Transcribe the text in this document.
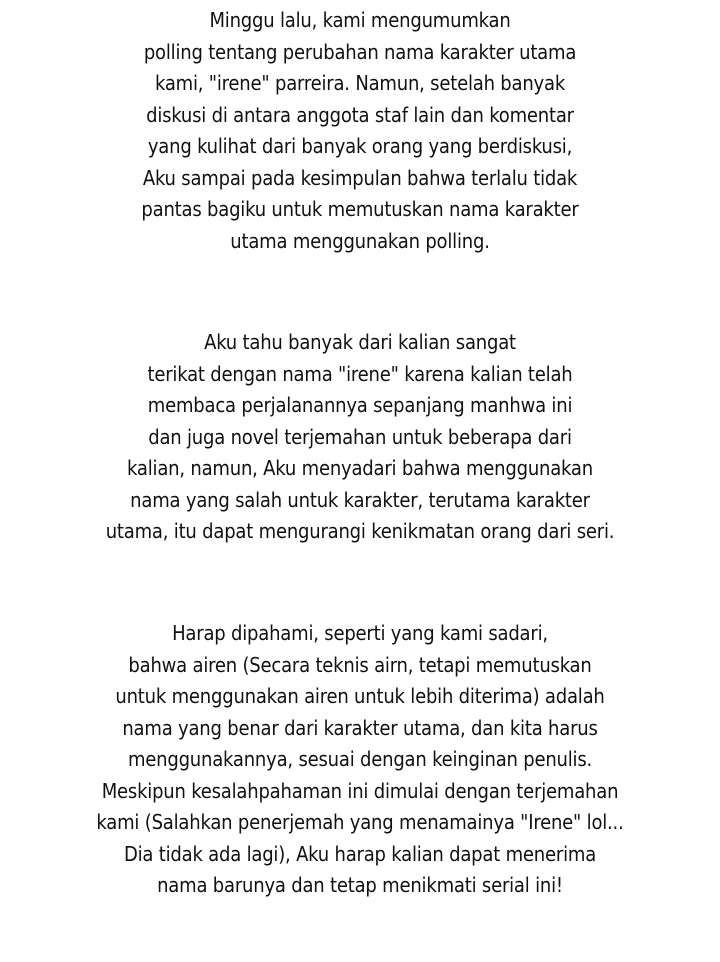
Minggu lalu, kami mengumumkan
polling tentang perubahan nama karakter utama
kami, "irene" parreira. Namun, setelah banyak
diskusi di antara anggota staf lain dan komentar
yang kulihat dari banyak orang yang berdiskusi,
Aku sampai pada kesimpulan bahwa terlalu tidak
pantas bagiku untuk memutuskan nama karakter
utama menggunakan polling.
Aku tahu banyak dari kalian sangat
terikat dengan nama "irene" karena kalian telah
membaca perjalanannya sepanjang manhwa ini
dan juga novel terjemahan untuk beberapa dari
kalian, namun, Aku menyadari bahwa menggunakan
nama yang salah untuk karakter, terutama karakter
utama, itu dapat mengurangi kenikmatan orang dari seri.
Harap dipahami, seperti yang kami sadari,
bahwa airen (Secara teknis airn, tetapi memutuskan
untuk menggunakan airen untuk lebih diterima) adalah
nama yang benar dari karakter utama, dan kita harus
menggunakannya, sesuai dengan keinginan penulis.
Meskipun kesalahpahaman ini dimulai dengan terjemahan
kami (Salahkan penerjemah yang menamainya "Irene" lol...
Dia tidak ada lagi), Aku harap kalian dapat menerima
nama barunya dan tetap menikmati serial ini!
